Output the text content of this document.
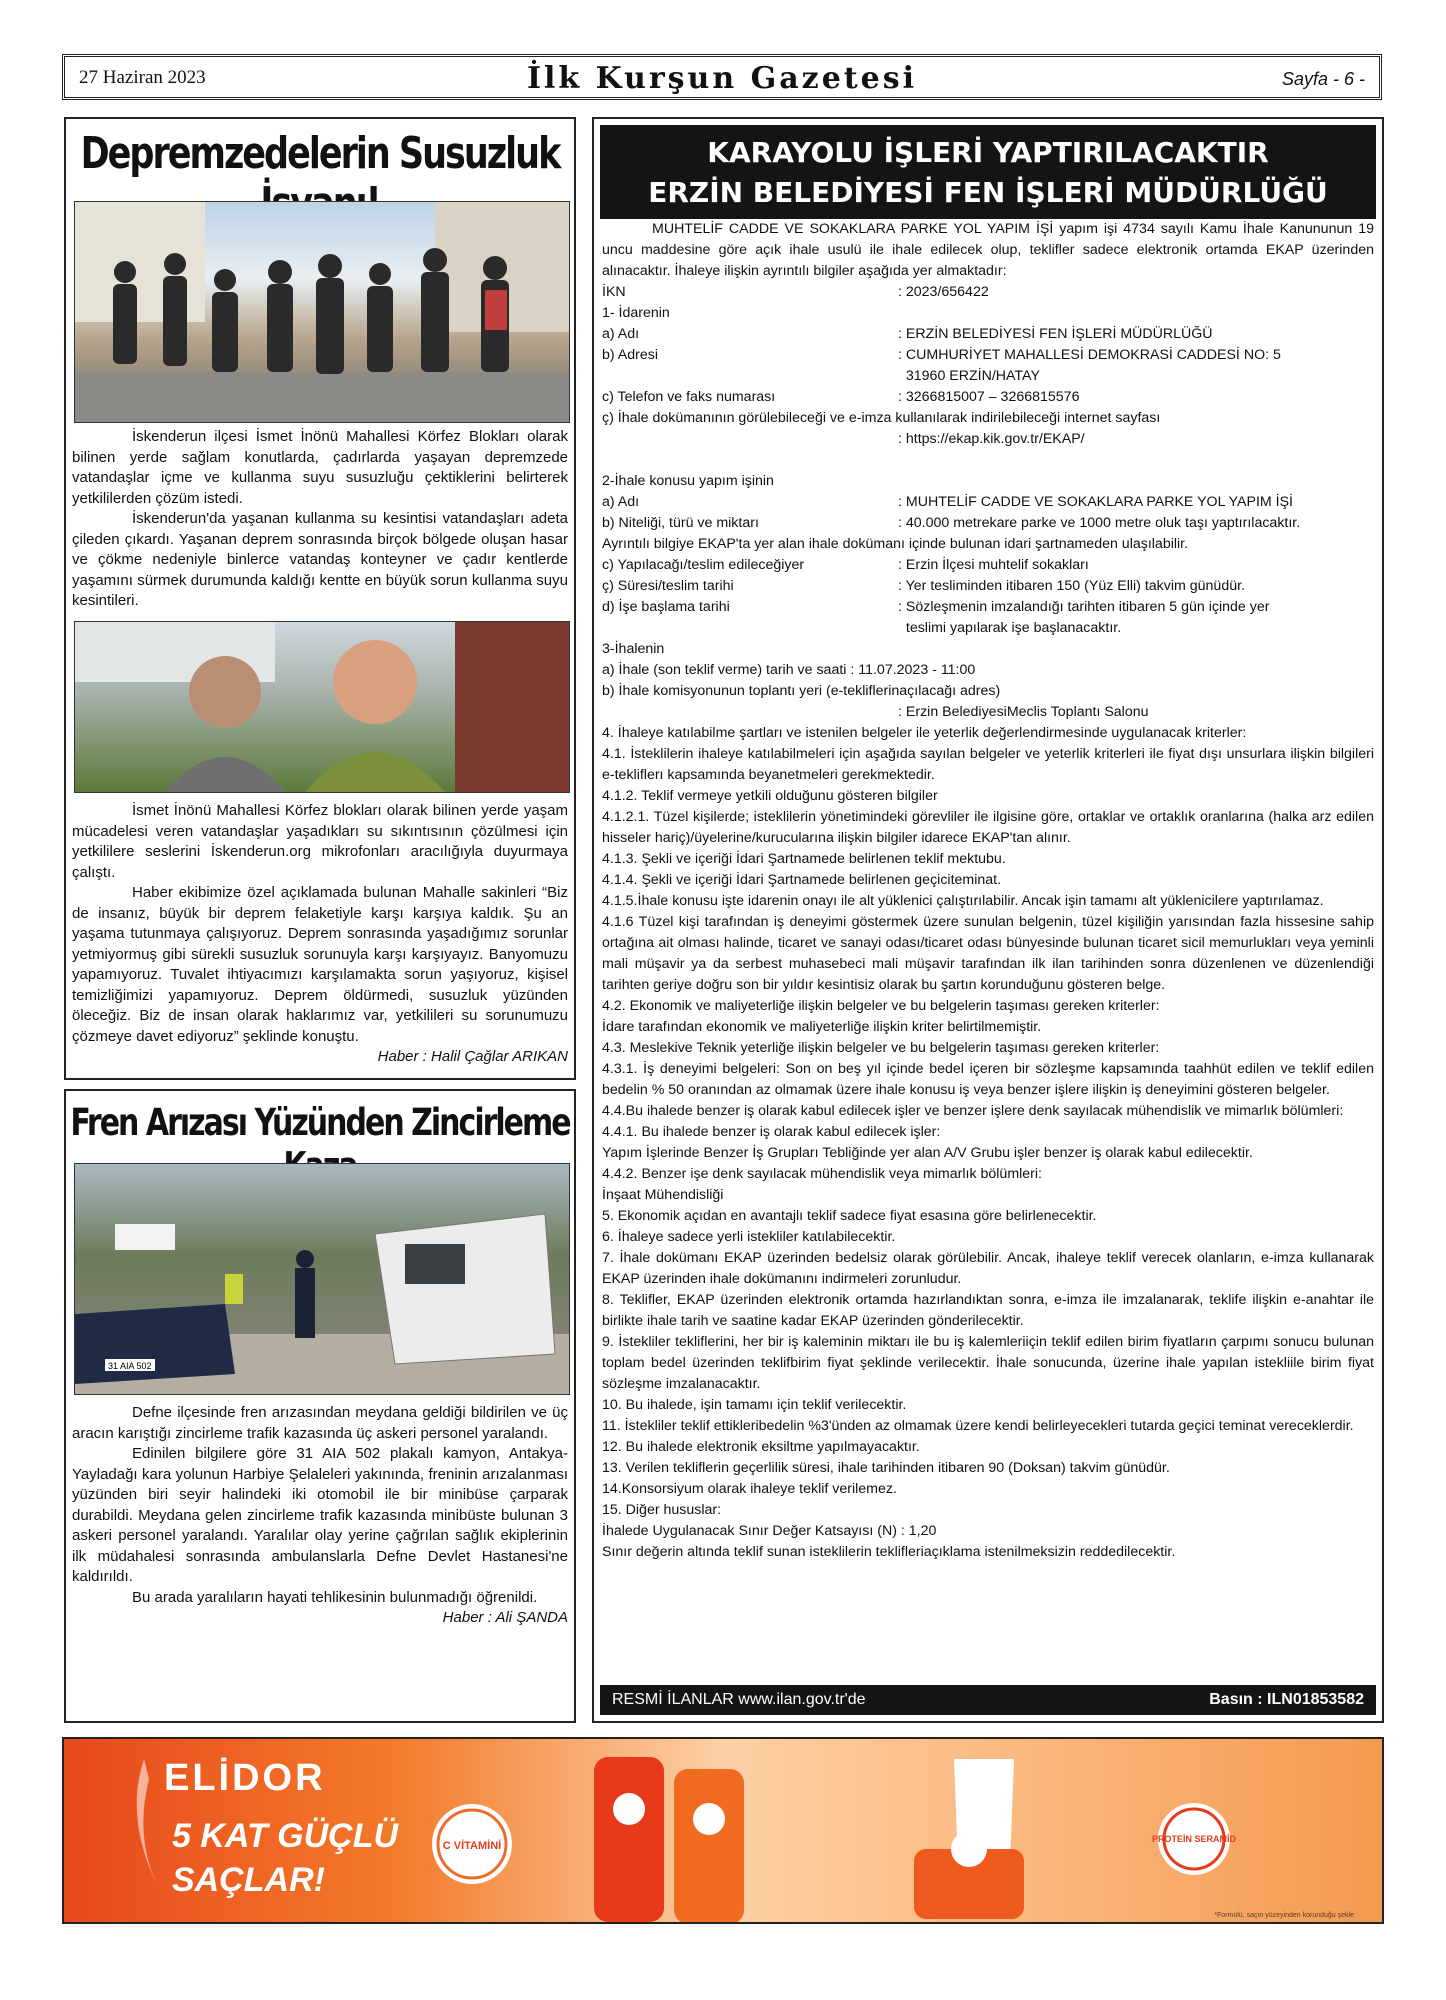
27 Haziran 2023	İlk Kurşun Gazetesi	Sayfa - 6 -
Depremzedelerin Susuzluk

İskenderun ilçesi İsmet İnönü Mahallesi Körfez Blokları olarak bilinen yerde sağlam konutlarda, çadırlarda yaşayan depremzede vatandaşlar içme ve kullanma suyu susuzluğu çektiklerini belirterek yetkililerden çözüm istedi.

İskenderun'da yaşanan kullanma su kesintisi vatandaşları adeta çileden çıkardı. Yaşanan deprem sonrasında birçok bölgede oluşan hasar ve çökme nedeniyle binlerce vatandaş konteyner ve çadır kentlerde yaşamını sürmek durumunda kaldığı kentte en büyük sorun kullanma suyu kesintileri.

İsmet İnönü Mahallesi Körfez blokları olarak bilinen yerde yaşam mücadelesi veren vatandaşlar yaşadıkları su sıkıntısının çözülmesi için yetkililere seslerini İskenderun.org mikrofonları aracılığıyla duyurmaya çalıştı.

Haber ekibimize özel açıklamada bulunan Mahalle sakinleri “Biz de insanız, büyük bir deprem felaketiyle karşı karşıya kaldık. Şu an yaşama tutunmaya çalışıyoruz. Deprem sonrasında yaşadığımız sorunlar yetmiyormuş gibi sürekli susuzluk sorunuyla karşı karşıyayız. Banyomuzu yapamıyoruz. Tuvalet ihtiyacımızı karşılamakta sorun yaşıyoruz, kişisel temizliğimizi yapamıyoruz. Deprem öldürmedi, susuzluk yüzünden öleceğiz. Biz de insan olarak haklarımız var, yetkilileri su sorunumuzu çözmeye davet ediyoruz” şeklinde konuştu.

Haber : Halil Çağlar ARIKAN
Fren Arızası Yüzünden Zincirleme
31 AIA 502

Defne ilçesinde fren arızasından meydana geldiği bildirilen ve üç aracın karıştığı zincirleme trafik kazasında üç askeri personel yaralandı.

Edinilen bilgilere göre 31 AIA 502 plakalı kamyon, Antakya-Yayladağı kara yolunun Harbiye Şelaleleri yakınında, freninin arızalanması yüzünden biri seyir halindeki iki otomobil ile bir minibüse çarparak durabildi. Meydana gelen zincirleme trafik kazasında minibüste bulunan 3 askeri personel yaralandı. Yaralılar olay yerine çağrılan sağlık ekiplerinin ilk müdahalesi sonrasında ambulanslarla Defne Devlet Hastanesi'ne kaldırıldı.

Bu arada yaralıların hayati tehlikesinin bulunmadığı öğrenildi.

Haber : Ali ŞANDA
KARAYOLU İŞLERİ YAPTIRILACAKTIR
ERZİN BELEDİYESİ FEN İŞLERİ MÜDÜRLÜĞÜ
MUHTELİF CADDE VE SOKAKLARA PARKE YOL YAPIM İŞİ yapım işi 4734 sayılı Kamu İhale Kanununun 19 uncu maddesine göre açık ihale usulü ile ihale edilecek olup, teklifler sadece elektronik ortamda EKAP üzerinden alınacaktır. İhaleye ilişkin ayrıntılı bilgiler aşağıda yer almaktadır:
İKN	: 2023/656422
1- İdarenin
a) Adı	: ERZİN BELEDİYESİ FEN İŞLERİ MÜDÜRLÜĞÜ
b) Adresi	: CUMHURİYET MAHALLESİ DEMOKRASİ CADDESİ NO: 5
31960 ERZİN/HATAY
c) Telefon ve faks numarası	: 3266815007 – 3266815576
ç) İhale dokümanının görülebileceği ve e-imza kullanılarak indirilebileceği internet sayfası
: https://ekap.kik.gov.tr/EKAP/
2-İhale konusu yapım işinin
a) Adı	: MUHTELİF CADDE VE SOKAKLARA PARKE YOL YAPIM İŞİ
b) Niteliği, türü ve miktarı	: 40.000 metrekare parke ve 1000 metre oluk taşı yaptırılacaktır.
Ayrıntılı bilgiye EKAP'ta yer alan ihale dokümanı içinde bulunan idari şartnameden ulaşılabilir.
c) Yapılacağı/teslim edileceğiyer	: Erzin İlçesi muhtelif sokakları
ç) Süresi/teslim tarihi	: Yer tesliminden itibaren 150 (Yüz Elli) takvim günüdür.
d) İşe başlama tarihi	: Sözleşmenin imzalandığı tarihten itibaren 5 gün içinde yer
teslimi yapılarak işe başlanacaktır.
3-İhalenin
a) İhale (son teklif verme) tarih ve saati : 11.07.2023 - 11:00
b) İhale komisyonunun toplantı yeri (e-tekliflerinaçılacağı adres)
: Erzin BelediyesiMeclis Toplantı Salonu
4. İhaleye katılabilme şartları ve istenilen belgeler ile yeterlik değerlendirmesinde uygulanacak kriterler:
4.1. İsteklilerin ihaleye katılabilmeleri için aşağıda sayılan belgeler ve yeterlik kriterleri ile fiyat dışı unsurlara ilişkin bilgileri e-tekliflerı kapsamında beyanetmeleri gerekmektedir.
4.1.2. Teklif vermeye yetkili olduğunu gösteren bilgiler
4.1.2.1. Tüzel kişilerde; isteklilerin yönetimindeki görevliler ile ilgisine göre, ortaklar ve ortaklık oranlarına (halka arz edilen hisseler hariç)/üyelerine/kurucularına ilişkin bilgiler idarece EKAP'tan alınır.
4.1.3. Şekli ve içeriği İdari Şartnamede belirlenen teklif mektubu.
4.1.4. Şekli ve içeriği İdari Şartnamede belirlenen geçiciteminat.
4.1.5.İhale konusu işte idarenin onayı ile alt yüklenici çalıştırılabilir. Ancak işin tamamı alt yüklenicilere yaptırılamaz.
4.1.6 Tüzel kişi tarafından iş deneyimi göstermek üzere sunulan belgenin, tüzel kişiliğin yarısından fazla hissesine sahip ortağına ait olması halinde, ticaret ve sanayi odası/ticaret odası bünyesinde bulunan ticaret sicil memurlukları veya yeminli mali müşavir ya da serbest muhasebeci mali müşavir tarafından ilk ilan tarihinden sonra düzenlenen ve düzenlendiği tarihten geriye doğru son bir yıldır kesintisiz olarak bu şartın korunduğunu gösteren belge.
4.2. Ekonomik ve maliyeterliğe ilişkin belgeler ve bu belgelerin taşıması gereken kriterler:
İdare tarafından ekonomik ve maliyeterliğe ilişkin kriter belirtilmemiştir.
4.3. Meslekive Teknik yeterliğe ilişkin belgeler ve bu belgelerin taşıması gereken kriterler:
4.3.1. İş deneyimi belgeleri: Son on beş yıl içinde bedel içeren bir sözleşme kapsamında taahhüt edilen ve teklif edilen bedelin % 50 oranından az olmamak üzere ihale konusu iş veya benzer işlere ilişkin iş deneyimini gösteren belgeler.
4.4.Bu ihalede benzer iş olarak kabul edilecek işler ve benzer işlere denk sayılacak mühendislik ve mimarlık bölümleri:
4.4.1. Bu ihalede benzer iş olarak kabul edilecek işler:
Yapım İşlerinde Benzer İş Grupları Tebliğinde yer alan A/V Grubu işler benzer iş olarak kabul edilecektir.
4.4.2. Benzer işe denk sayılacak mühendislik veya mimarlık bölümleri:
İnşaat Mühendisliği
5. Ekonomik açıdan en avantajlı teklif sadece fiyat esasına göre belirlenecektir.
6. İhaleye sadece yerli istekliler katılabilecektir.
7. İhale dokümanı EKAP üzerinden bedelsiz olarak görülebilir. Ancak, ihaleye teklif verecek olanların, e-imza kullanarak EKAP üzerinden ihale dokümanını indirmeleri zorunludur.
8. Teklifler, EKAP üzerinden elektronik ortamda hazırlandıktan sonra, e-imza ile imzalanarak, teklife ilişkin e-anahtar ile birlikte ihale tarih ve saatine kadar EKAP üzerinden gönderilecektir.
9. İstekliler tekliflerini, her bir iş kaleminin miktarı ile bu iş kalemleriiçin teklif edilen birim fiyatların çarpımı sonucu bulunan toplam bedel üzerinden teklifbirim fiyat şeklinde verilecektir. İhale sonucunda, üzerine ihale yapılan istekliile birim fiyat sözleşme imzalanacaktır.
10. Bu ihalede, işin tamamı için teklif verilecektir.
11. İstekliler teklif ettikleribedelin %3'ünden az olmamak üzere kendi belirleyecekleri tutarda geçici teminat vereceklerdir.
12. Bu ihalede elektronik eksiltme yapılmayacaktır.
13. Verilen tekliflerin geçerlilik süresi, ihale tarihinden itibaren 90 (Doksan) takvim günüdür.
14.Konsorsiyum olarak ihaleye teklif verilemez.
15. Diğer hususlar:
İhalede Uygulanacak Sınır Değer Katsayısı (N) : 1,20
Sınır değerin altında teklif sunan isteklilerin teklifleriaçıklama istenilmeksizin reddedilecektir.
RESMİ İLANLAR www.ilan.gov.tr'de	Basın : ILN01853582
ELİDOR
5 KAT GÜÇLÜ
SAÇLAR!
C VİTAMİNİ
PROTEİN SERAMİD
*Formülü, saçın yüzeyinden korunduğu şekle
